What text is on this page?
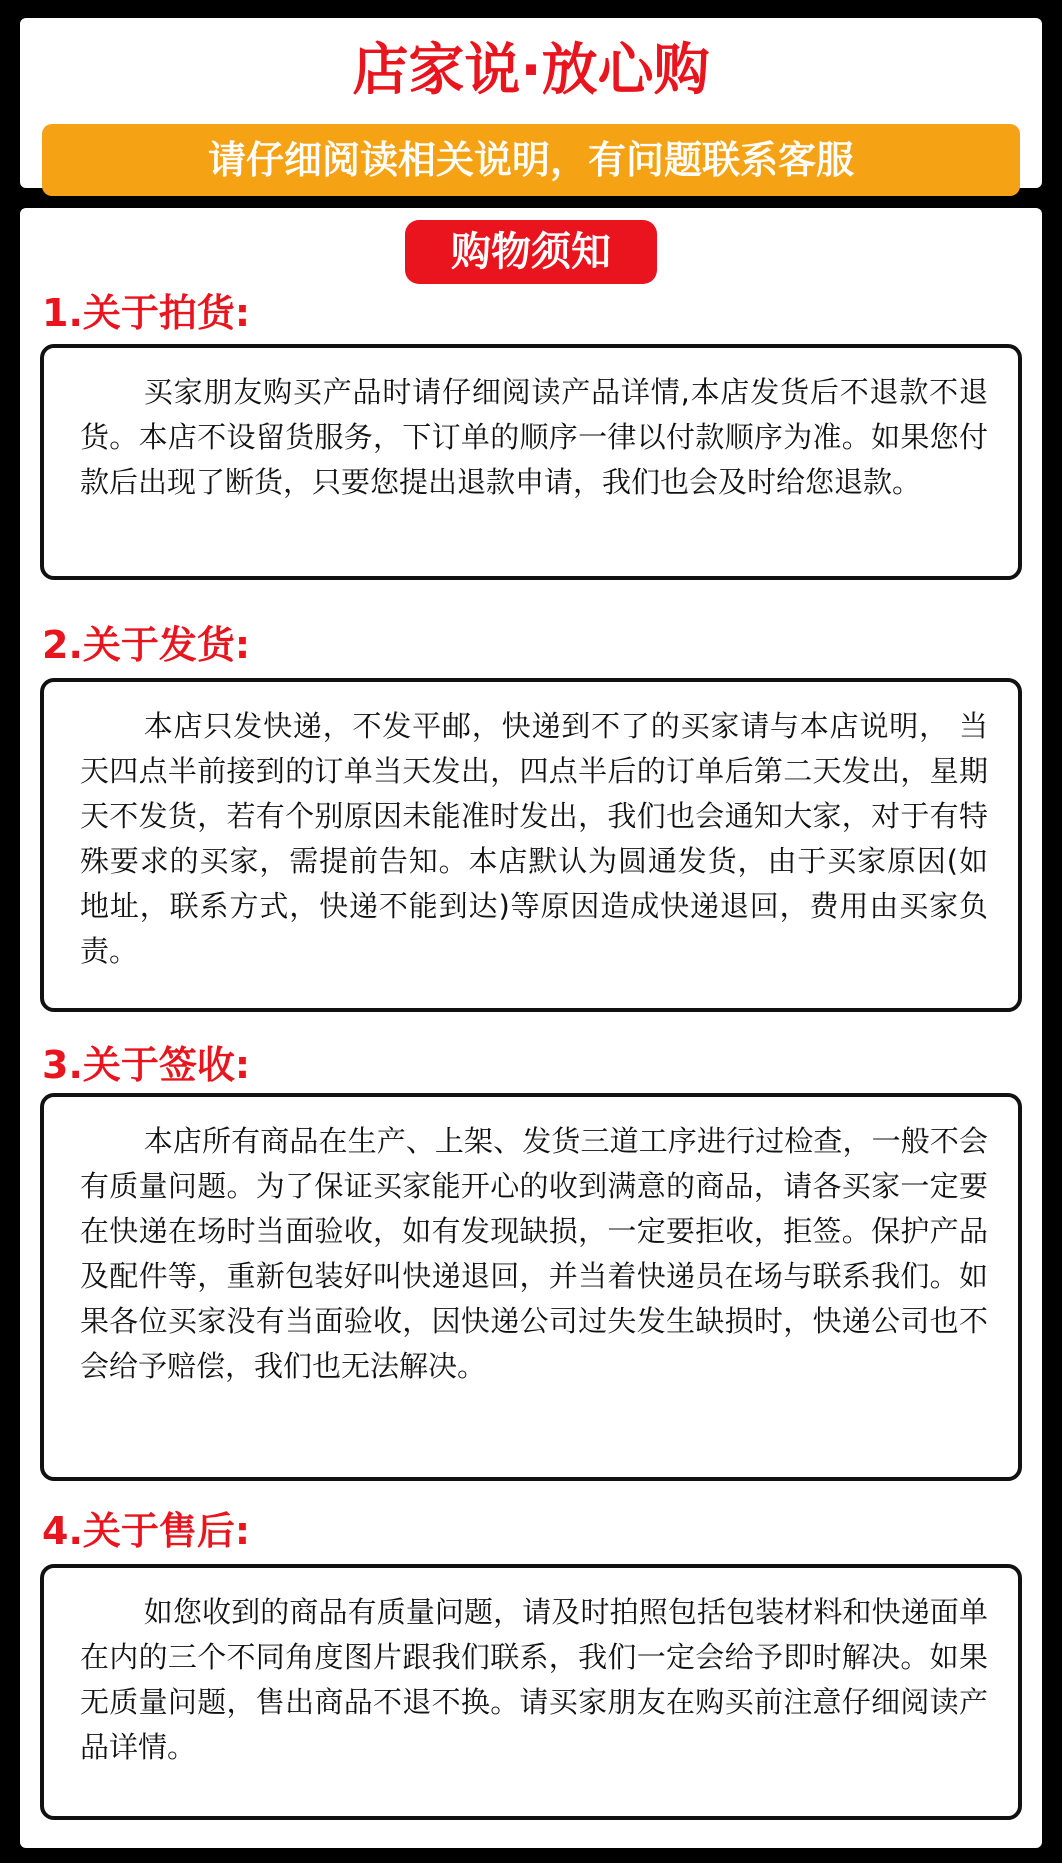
店家说·放心购
请仔细阅读相关说明，有问题联系客服
购物须知
1.关于拍货:

买家朋友购买产品时请仔细阅读产品详情,本店发货后不退款不退货。本店不设留货服务，下订单的顺序一律以付款顺序为准。如果您付款后出现了断货，只要您提出退款申请，我们也会及时给您退款。

2.关于发货:

本店只发快递，不发平邮，快递到不了的买家请与本店说明， 当天四点半前接到的订单当天发出，四点半后的订单后第二天发出，星期天不发货，若有个别原因未能准时发出，我们也会通知大家，对于有特殊要求的买家，需提前告知。本店默认为圆通发货，由于买家原因(如地址，联系方式，快递不能到达)等原因造成快递退回，费用由买家负责。

3.关于签收:

本店所有商品在生产、上架、发货三道工序进行过检查，一般不会有质量问题。为了保证买家能开心的收到满意的商品，请各买家一定要在快递在场时当面验收，如有发现缺损，一定要拒收，拒签。保护产品及配件等，重新包装好叫快递退回，并当着快递员在场与联系我们。如果各位买家没有当面验收，因快递公司过失发生缺损时，快递公司也不会给予赔偿，我们也无法解决。

4.关于售后:

如您收到的商品有质量问题，请及时拍照包括包装材料和快递面单在内的三个不同角度图片跟我们联系，我们一定会给予即时解决。如果无质量问题，售出商品不退不换。请买家朋友在购买前注意仔细阅读产品详情。
